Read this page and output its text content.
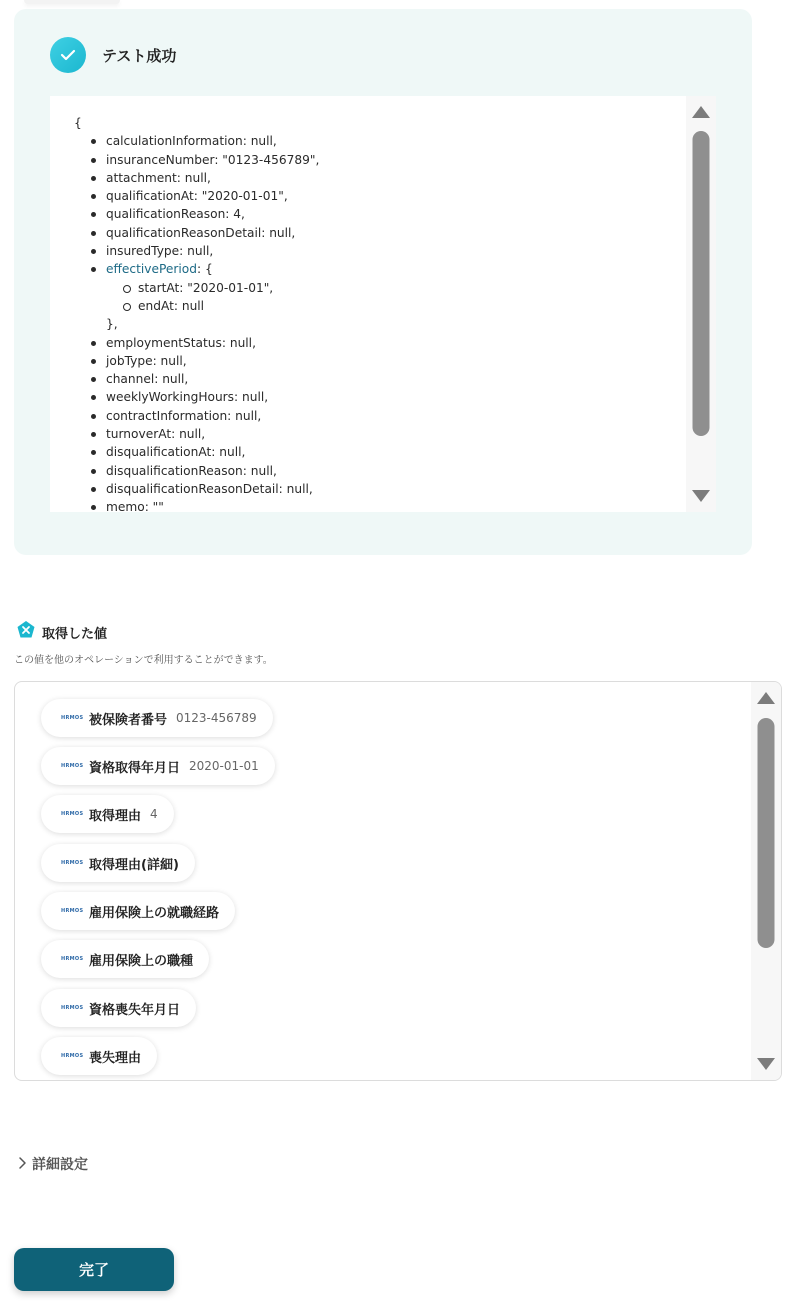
テスト成功
{
calculationInformation: null,
insuranceNumber: "0123-456789",
attachment: null,
qualificationAt: "2020-01-01",
qualificationReason: 4,
qualificationReasonDetail: null,
insuredType: null,
effectivePeriod: {
startAt: "2020-01-01",
endAt: null
},
employmentStatus: null,
jobType: null,
channel: null,
weeklyWorkingHours: null,
contractInformation: null,
turnoverAt: null,
disqualificationAt: null,
disqualificationReason: null,
disqualificationReasonDetail: null,
memo: ""
取得した値
この値を他のオペレーションで利用することができます。
HRMOS 被保険者番号 0123-456789
HRMOS 資格取得年月日 2020-01-01
HRMOS 取得理由 4
HRMOS 取得理由(詳細)
HRMOS 雇用保険上の就職経路
HRMOS 雇用保険上の職種
HRMOS 資格喪失年月日
HRMOS 喪失理由
詳細設定
完了
